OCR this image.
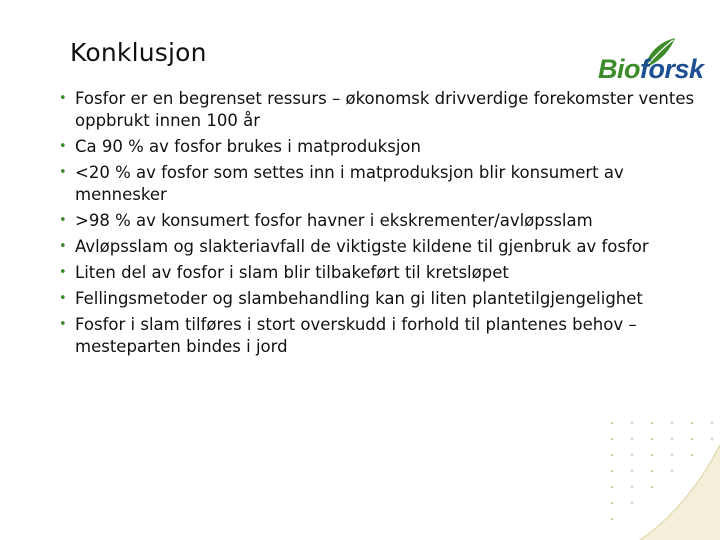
Konklusjon
Bioforsk
• Fosfor er en begrenset ressurs – økonomsk drivverdige forekomster ventes oppbrukt innen 100 år
• Ca 90 % av fosfor brukes i matproduksjon
• <20 % av fosfor som settes inn i matproduksjon blir konsumert av mennesker
• >98 % av konsumert fosfor havner i ekskrementer/avløpsslam
• Avløpsslam og slakteriavfall de viktigste kildene til gjenbruk av fosfor
• Liten del av fosfor i slam blir tilbakeført til kretsløpet
• Fellingsmetoder og slambehandling kan gi liten plantetilgjengelighet
• Fosfor i slam tilføres i stort overskudd i forhold til plantenes behov – mesteparten bindes i jord
